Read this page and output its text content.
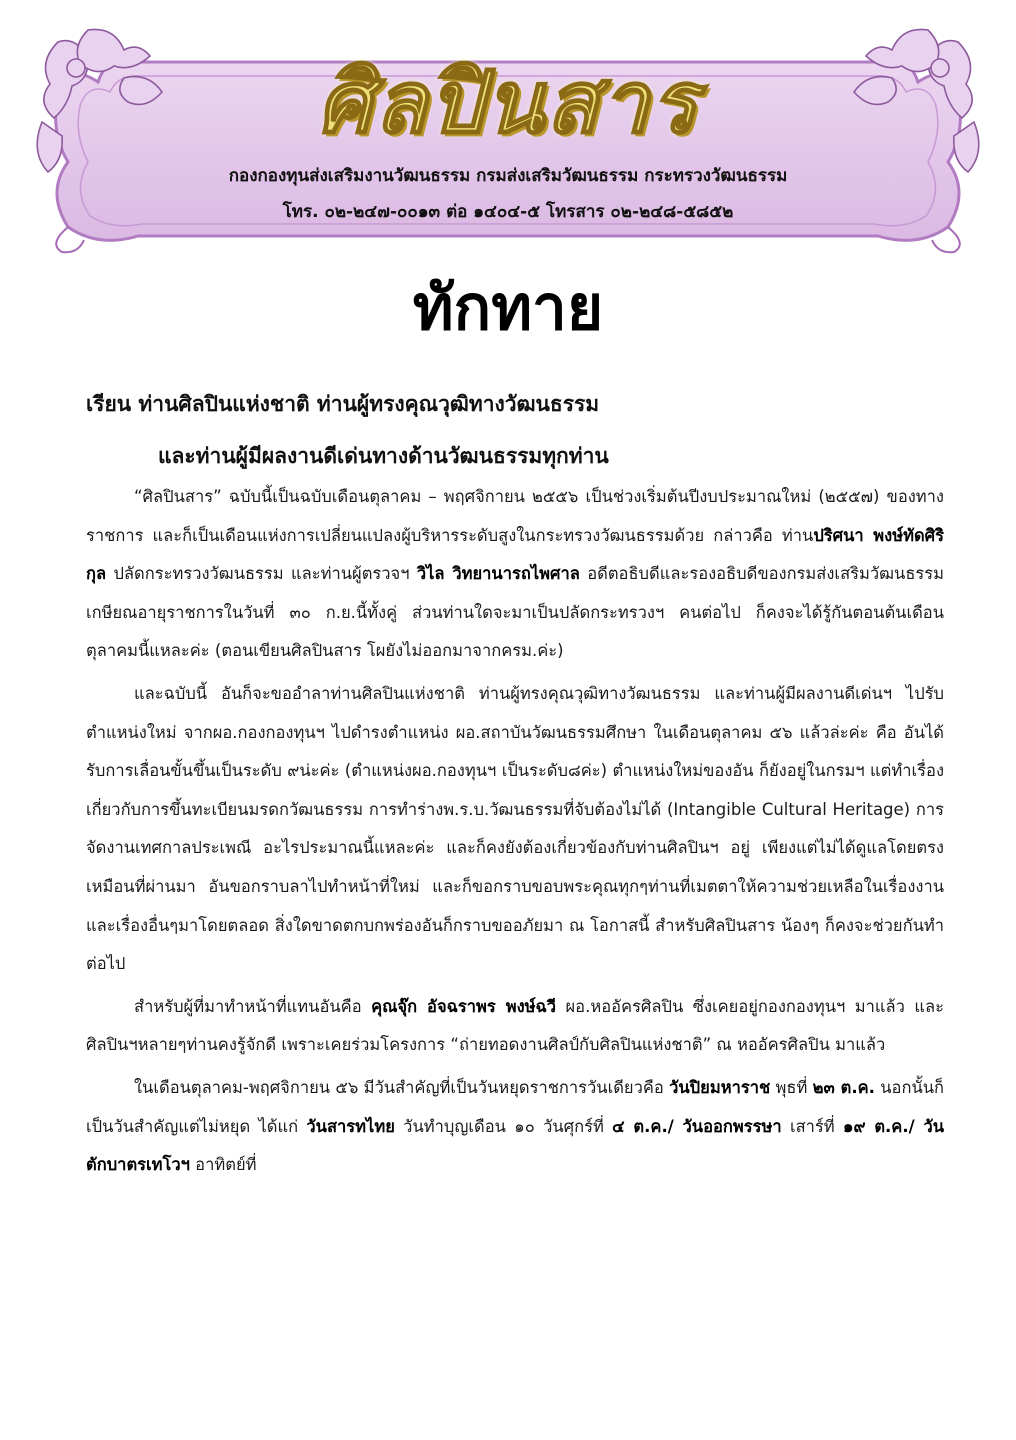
ศิลปินสาร
กองกองทุนส่งเสริมงานวัฒนธรรม กรมส่งเสริมวัฒนธรรม กระทรวงวัฒนธรรม
โทร. ๐๒-๒๔๗-๐๐๑๓ ต่อ ๑๔๐๔-๕ โทรสาร ๐๒-๒๔๘-๕๘๕๒
ทักทาย
เรียน ท่านศิลปินแห่งชาติ ท่านผู้ทรงคุณวุฒิทางวัฒนธรรม
และท่านผู้มีผลงานดีเด่นทางด้านวัฒนธรรมทุกท่าน

“ศิลปินสาร” ฉบับนี้เป็นฉบับเดือนตุลาคม – พฤศจิกายน ๒๕๕๖ เป็นช่วงเริ่มต้นปีงบประมาณใหม่ (๒๕๕๗) ของทางราชการ และก็เป็นเดือนแห่งการเปลี่ยนแปลงผู้บริหารระดับสูงในกระทรวงวัฒนธรรมด้วย กล่าวคือ ท่านปริศนา พงษ์ทัดศิริกุล ปลัดกระทรวงวัฒนธรรม และท่านผู้ตรวจฯ วิไล วิทยานารถไพศาล อดีตอธิบดีและรองอธิบดีของกรมส่งเสริมวัฒนธรรม เกษียณอายุราชการในวันที่ ๓๐ ก.ย.นี้ทั้งคู่ ส่วนท่านใดจะมาเป็นปลัดกระทรวงฯ คนต่อไป ก็คงจะได้รู้กันตอนต้นเดือนตุลาคมนี้แหละค่ะ (ตอนเขียนศิลปินสาร โผยังไม่ออกมาจากครม.ค่ะ)

และฉบับนี้ อันก็จะขออำลาท่านศิลปินแห่งชาติ ท่านผู้ทรงคุณวุฒิทางวัฒนธรรม และท่านผู้มีผลงานดีเด่นฯ ไปรับตำแหน่งใหม่ จากผอ.กองกองทุนฯ ไปดำรงตำแหน่ง ผอ.สถาบันวัฒนธรรมศึกษา ในเดือนตุลาคม ๕๖ แล้วล่ะค่ะ คือ อันได้รับการเลื่อนขั้นขึ้นเป็นระดับ ๙น่ะค่ะ (ตำแหน่งผอ.กองทุนฯ เป็นระดับ๘ค่ะ) ตำแหน่งใหม่ของอัน ก็ยังอยู่ในกรมฯ แต่ทำเรื่องเกี่ยวกับการขึ้นทะเบียนมรดกวัฒนธรรม การทำร่างพ.ร.บ.วัฒนธรรมที่จับต้องไม่ได้ (Intangible Cultural Heritage) การจัดงานเทศกาลประเพณี อะไรประมาณนี้แหละค่ะ และก็คงยังต้องเกี่ยวข้องกับท่านศิลปินฯ อยู่ เพียงแต่ไม่ได้ดูแลโดยตรงเหมือนที่ผ่านมา อันขอกราบลาไปทำหน้าที่ใหม่ และก็ขอกราบขอบพระคุณทุกๆท่านที่เมตตาให้ความช่วยเหลือในเรื่องงานและเรื่องอื่นๆมาโดยตลอด สิ่งใดขาดตกบกพร่องอันก็กราบขออภัยมา ณ โอกาสนี้ สำหรับศิลปินสาร น้องๆ ก็คงจะช่วยกันทำต่อไป

สำหรับผู้ที่มาทำหน้าที่แทนอันคือ คุณจุ๊ก อัจฉราพร พงษ์ฉวี ผอ.หออัครศิลปิน ซึ่งเคยอยู่กองกองทุนฯ มาแล้ว และศิลปินฯหลายๆท่านคงรู้จักดี เพราะเคยร่วมโครงการ “ถ่ายทอดงานศิลป์กับศิลปินแห่งชาติ” ณ หออัครศิลปิน มาแล้ว

ในเดือนตุลาคม-พฤศจิกายน ๕๖ มีวันสำคัญที่เป็นวันหยุดราชการวันเดียวคือ วันปิยมหาราช พุธที่ ๒๓ ต.ค. นอกนั้นก็เป็นวันสำคัญแต่ไม่หยุด ได้แก่ วันสารทไทย วันทำบุญเดือน ๑๐ วันศุกร์ที่ ๔ ต.ค./ วันออกพรรษา เสาร์ที่ ๑๙ ต.ค./ วันตักบาตรเทโวฯ อาทิตย์ที่
